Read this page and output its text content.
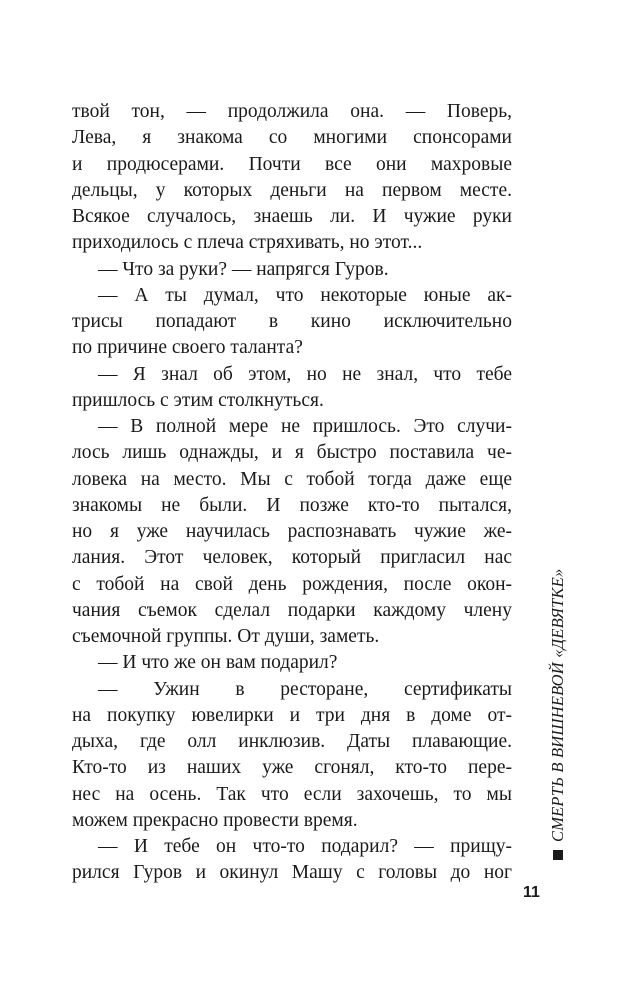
твой тон, — продолжила она. — Поверь,
Лева, я знакома со многими спонсорами
и продюсерами. Почти все они махровые
дельцы, у которых деньги на первом месте.
Всякое случалось, знаешь ли. И чужие руки
приходилось с плеча стряхивать, но этот...
— Что за руки? — напрягся Гуров.
— А ты думал, что некоторые юные ак-
трисы попадают в кино исключительно
по причине своего таланта?
— Я знал об этом, но не знал, что тебе
пришлось с этим столкнуться.
— В полной мере не пришлось. Это случи-
лось лишь однажды, и я быстро поставила че-
ловека на место. Мы с тобой тогда даже еще
знакомы не были. И позже кто-то пытался,
но я уже научилась распознавать чужие же-
лания. Этот человек, который пригласил нас
с тобой на свой день рождения, после окон-
чания съемок сделал подарки каждому члену
съемочной группы. От души, заметь.
— И что же он вам подарил?
— Ужин в ресторане, сертификаты
на покупку ювелирки и три дня в доме от-
дыха, где олл инклюзив. Даты плавающие.
Кто-то из наших уже сгонял, кто-то пере-
нес на осень. Так что если захочешь, то мы
можем прекрасно провести время.
— И тебе он что-то подарил? — прищу-
рился Гуров и окинул Машу с головы до ног
СМЕРТЬ В ВИШНЕВОЙ «ДЕВЯТКЕ»
11
